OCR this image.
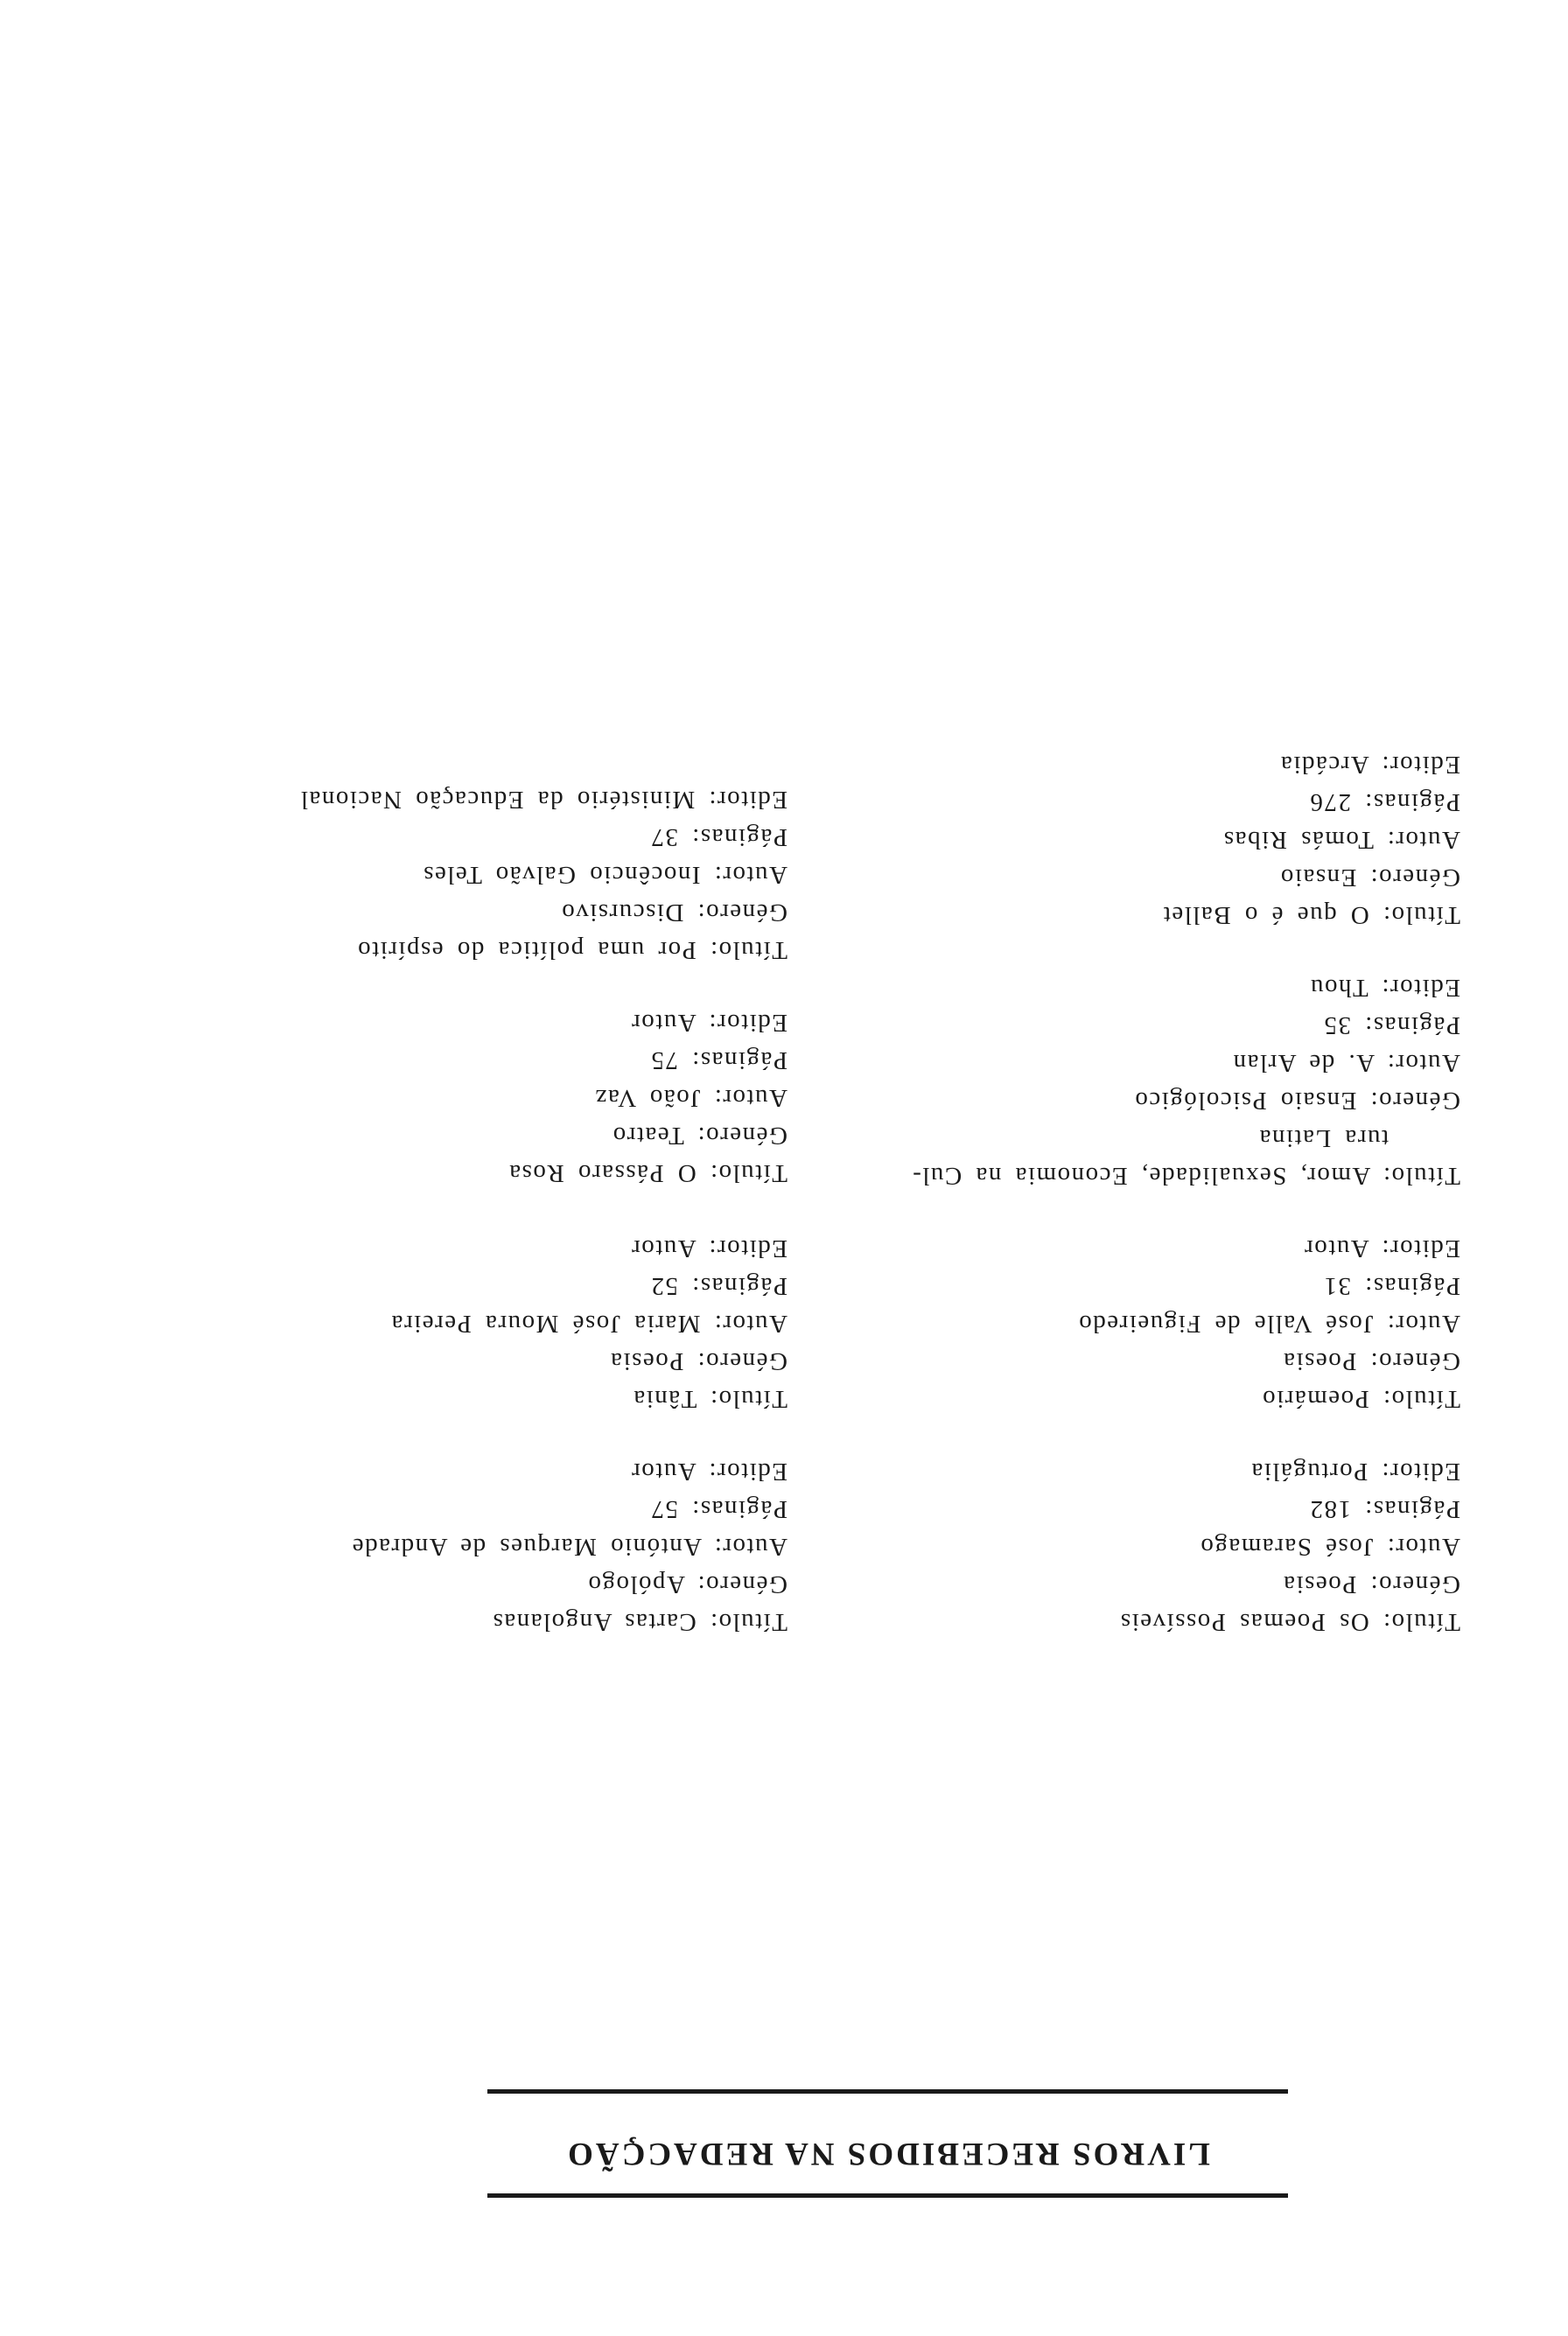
LIVROS RECEBIDOS NA REDACÇÃO
Título: Os Poemas Possíveis
Género: Poesia
Autor: José Saramago
Páginas: 182
Editor: Portugália
Título: Poemário
Género: Poesia
Autor: José Valle de Figueiredo
Páginas: 31
Editor: Autor
Título: Amor, Sexualidade, Economia na Cul-
tura Latina
Género: Ensaio Psicológico
Autor: A. de Arlan
Páginas: 35
Editor: Thou
Título: O que é o Ballet
Género: Ensaio
Autor: Tomás Ribas
Páginas: 276
Editor: Arcádia
Título: Cartas Angolanas
Género: Apólogo
Autor: António Marques de Andrade
Páginas: 57
Editor: Autor
Título: Tânia
Género: Poesia
Autor: Maria José Moura Pereira
Páginas: 52
Editor: Autor
Título: O Pássaro Rosa
Género: Teatro
Autor: João Vaz
Páginas: 75
Editor: Autor
Título: Por uma política do espírito
Género: Discursivo
Autor: Inocêncio Galvão Teles
Páginas: 37
Editor: Ministério da Educação Nacional
